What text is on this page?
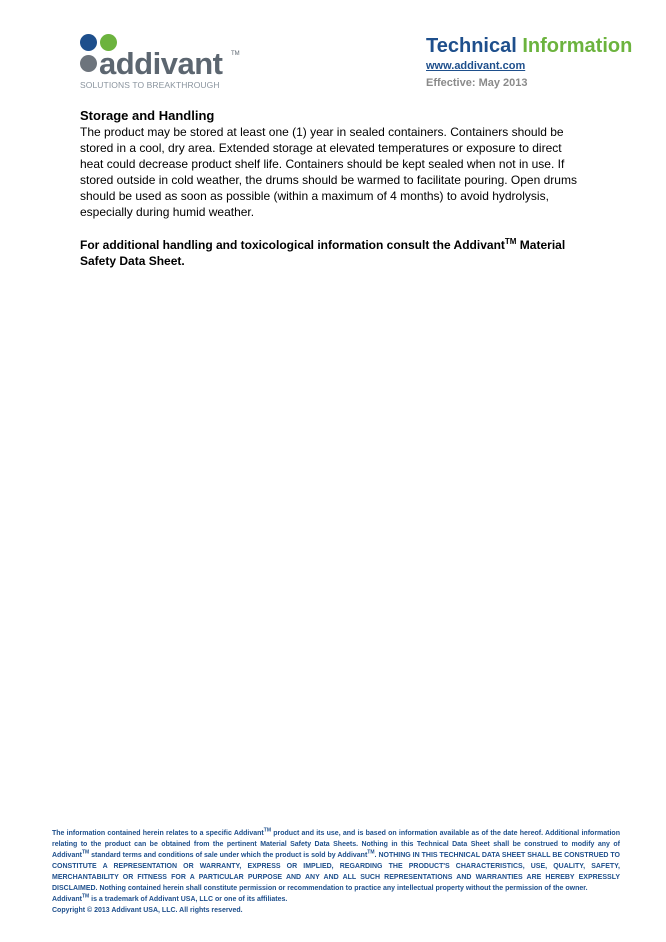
addivant TM
SOLUTIONS TO BREAKTHROUGH
Technical Information
www.addivant.com
Effective: May 2013
Storage and Handling

The product may be stored at least one (1) year in sealed containers. Containers should be stored in a cool, dry area. Extended storage at elevated temperatures or exposure to direct heat could decrease product shelf life. Containers should be kept sealed when not in use. If stored outside in cold weather, the drums should be warmed to facilitate pouring. Open drums should be used as soon as possible (within a maximum of 4 months) to avoid hydrolysis, especially during humid weather.

For additional handling and toxicological information consult the Addivant™ Material Safety Data Sheet.

The information contained herein relates to a specific Addivant™ product and its use, and is based on information available as of the date hereof. Additional information relating to the product can be obtained from the pertinent Material Safety Data Sheets. Nothing in this Technical Data Sheet shall be construed to modify any of Addivant™ standard terms and conditions of sale under which the product is sold by Addivant™. NOTHING IN THIS TECHNICAL DATA SHEET SHALL BE CONSTRUED TO CONSTITUTE A REPRESENTATION OR WARRANTY, EXPRESS OR IMPLIED, REGARDING THE PRODUCT'S CHARACTERISTICS, USE, QUALITY, SAFETY, MERCHANTABILITY OR FITNESS FOR A PARTICULAR PURPOSE AND ANY AND ALL SUCH REPRESENTATIONS AND WARRANTIES ARE HEREBY EXPRESSLY DISCLAIMED. Nothing contained herein shall constitute permission or recommendation to practice any intellectual property without the permission of the owner.

Addivant™ is a trademark of Addivant USA, LLC or one of its affiliates.

Copyright © 2013 Addivant USA, LLC. All rights reserved.
